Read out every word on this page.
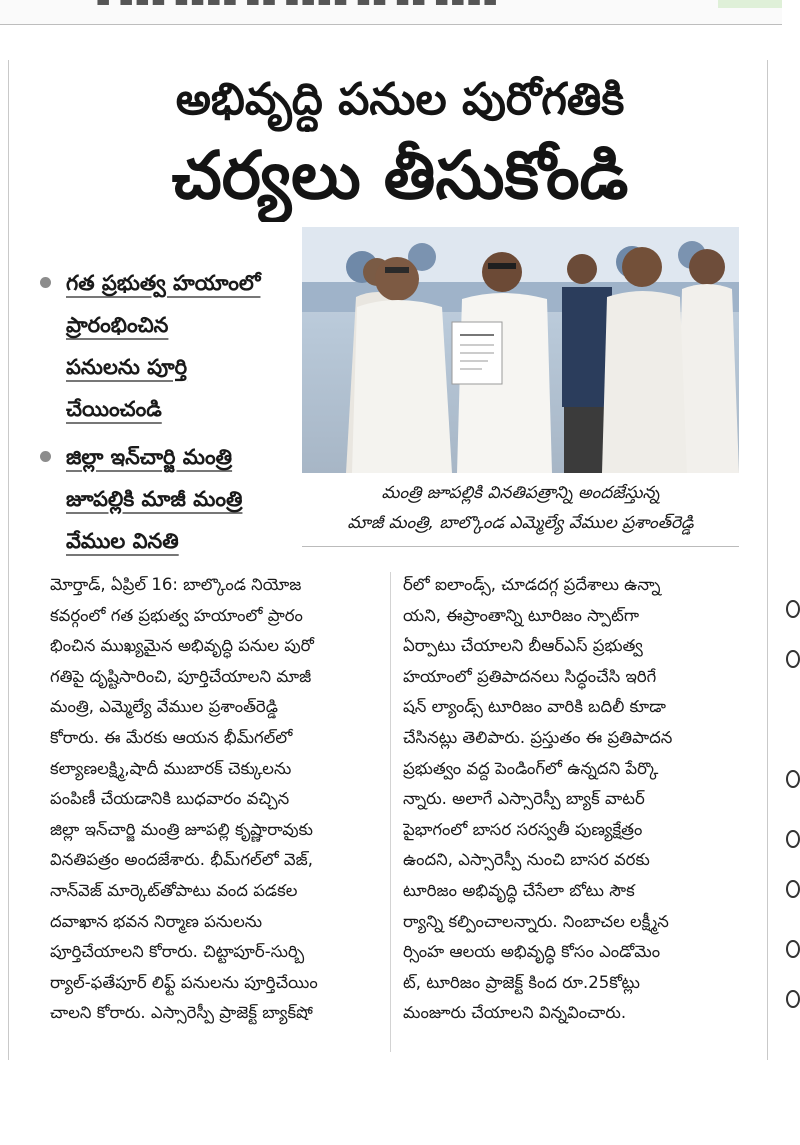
▬ ▬▬▬ ▬▬▬▬ ▬▬ ▬▬▬▬ ▬▬ ▬▬ ▬▬▬▬
అభివృద్ధి పనుల పురోగతికి
చర్యలు తీసుకోండి
గత ప్రభుత్వ హయాంలో
ప్రారంభించిన
పనులను పూర్తి
చేయించండి
జిల్లా ఇన్‌చార్జి మంత్రి
జూపల్లికి మాజీ మంత్రి
వేముల వినతి
మంత్రి జూపల్లికి వినతిపత్రాన్ని అందజేస్తున్న
మాజీ మంత్రి, బాల్కొండ ఎమ్మెల్యే వేముల ప్రశాంత్‌రెడ్డి
మోర్తాడ్, ఏప్రిల్ 16: బాల్కొండ నియోజ
కవర్గంలో గత ప్రభుత్వ హయాంలో ప్రారం
భించిన ముఖ్యమైన అభివృద్ధి పనుల పురో
గతిపై దృష్టిసారించి, పూర్తిచేయాలని మాజీ
మంత్రి, ఎమ్మెల్యే వేముల ప్రశాంత్‌రెడ్డి
కోరారు. ఈ మేరకు ఆయన భీమ్‌గల్‌లో
కల్యాణలక్ష్మి,షాదీ ముబారక్ చెక్కులను
పంపిణీ చేయడానికి బుధవారం వచ్చిన
జిల్లా ఇన్‌చార్జి మంత్రి జూపల్లి కృష్ణారావుకు
వినతిపత్రం అందజేశారు. భీమ్‌గల్‌లో వెజ్,
నాన్‌వెజ్ మార్కెట్‌తోపాటు వంద పడకల
దవాఖాన భవన నిర్మాణ పనులను
పూర్తిచేయాలని కోరారు. చిట్టాపూర్-సుర్బి
ర్యాల్-ఫతేపూర్ లిఫ్ట్ పనులను పూర్తిచేయిం
చాలని కోరారు. ఎస్సారెస్పీ ప్రాజెక్ట్ బ్యాక్‌షో
ర్‌లో ఐలాండ్స్, చూడదగ్గ ప్రదేశాలు ఉన్నా
యని, ఈప్రాంతాన్ని టూరిజం స్పాట్‌గా
ఏర్పాటు చేయాలని బీఆర్‌ఎస్ ప్రభుత్వ
హయాంలో ప్రతిపాదనలు సిద్ధంచేసి ఇరిగే
షన్ ల్యాండ్స్ టూరిజం వారికి బదిలీ కూడా
చేసినట్లు తెలిపారు. ప్రస్తుతం ఈ ప్రతిపాదన
ప్రభుత్వం వద్ద పెండింగ్‌లో ఉన్నదని పేర్కొ
న్నారు. అలాగే ఎస్సారెస్పీ బ్యాక్ వాటర్
పైభాగంలో బాసర సరస్వతీ పుణ్యక్షేత్రం
ఉందని, ఎస్సారెస్పీ నుంచి బాసర వరకు
టూరిజం అభివృద్ధి చేసేలా బోటు సౌక
ర్యాన్ని కల్పించాలన్నారు. నింబాచల లక్ష్మీన
ర్సింహ ఆలయ అభివృద్ధి కోసం ఎండోమెం
ట్, టూరిజం ప్రాజెక్ట్ కింద రూ.25కోట్లు
మంజూరు చేయాలని విన్నవించారు.
